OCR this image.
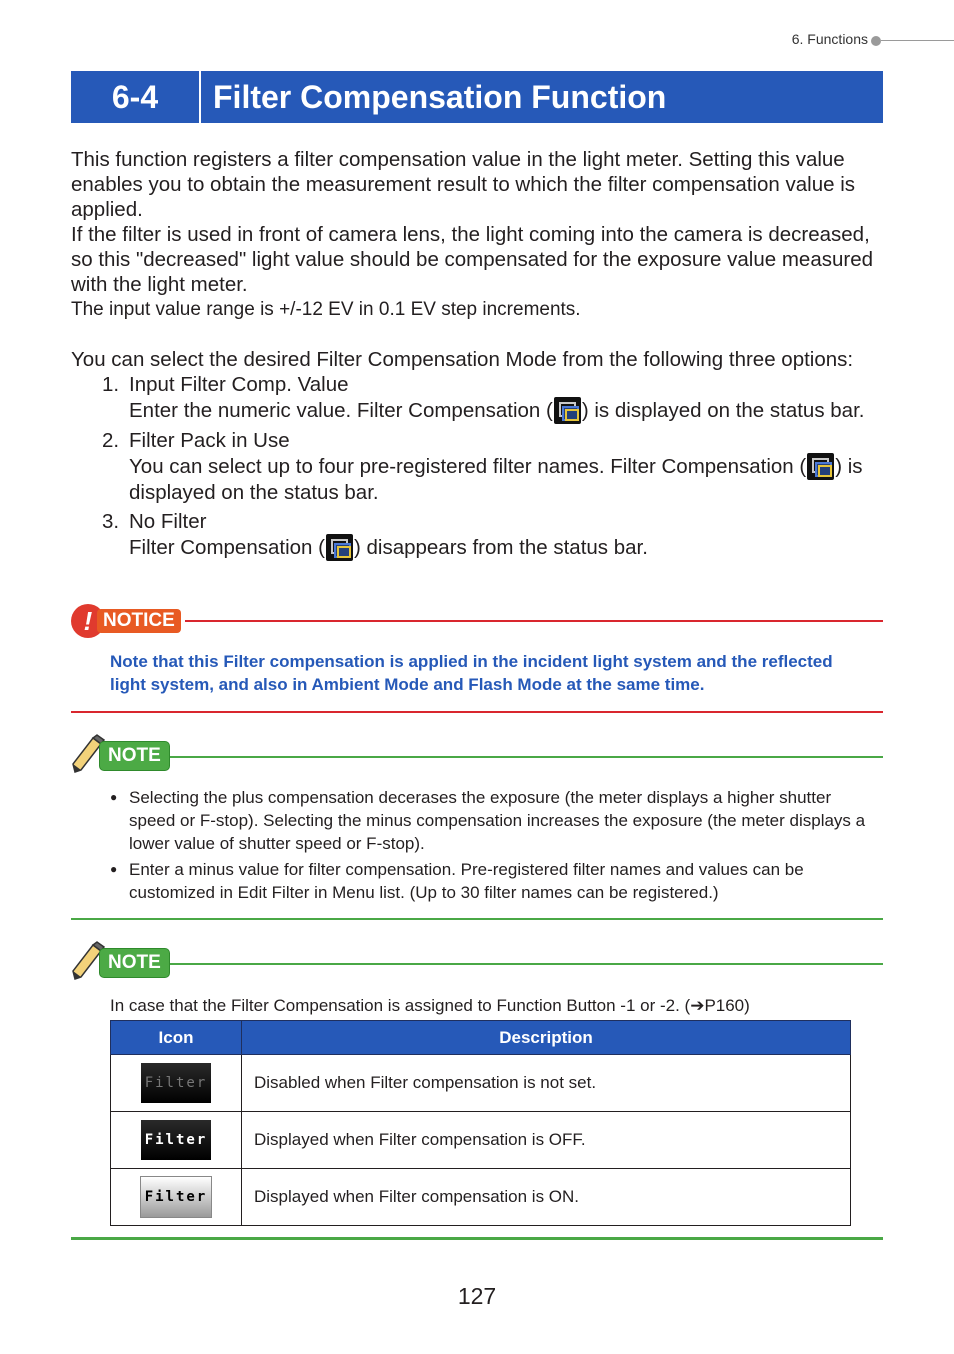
6. Functions
6-4	Filter Compensation Function
This function registers a filter compensation value in the light meter. Setting this value enables you to obtain the measurement result to which the filter compensation value is applied.
If the filter is used in front of camera lens, the light coming into the camera is decreased, so this "decreased" light value should be compensated for the exposure value measured with the light meter.
The input value range is +/-12 EV in 0.1 EV step increments.
You can select the desired Filter Compensation Mode from the following three options:
1. Input Filter Comp. Value
Enter the numeric value. Filter Compensation ( ) is displayed on the status bar.
2. Filter Pack in Use
You can select up to four pre-registered filter names. Filter Compensation ( ) is displayed on the status bar.
3. No Filter
Filter Compensation ( ) disappears from the status bar.
! NOTICE
Note that this Filter compensation is applied in the incident light system and the reflected light system, and also in Ambient Mode and Flash Mode at the same time.
NOTE
● Selecting the plus compensation decerases the exposure (the meter displays a higher shutter speed or F-stop). Selecting the minus compensation increases the exposure (the meter displays a lower value of shutter speed or F-stop).
● Enter a minus value for filter compensation. Pre-registered filter names and values can be customized in Edit Filter in Menu list. (Up to 30 filter names can be registered.)
NOTE
In case that the Filter Compensation is assigned to Function Button -1 or -2. (➔P160)
Icon	Description
Filter	Disabled when Filter compensation is not set.
Filter	Displayed when Filter compensation is OFF.
Filter	Displayed when Filter compensation is ON.
127
